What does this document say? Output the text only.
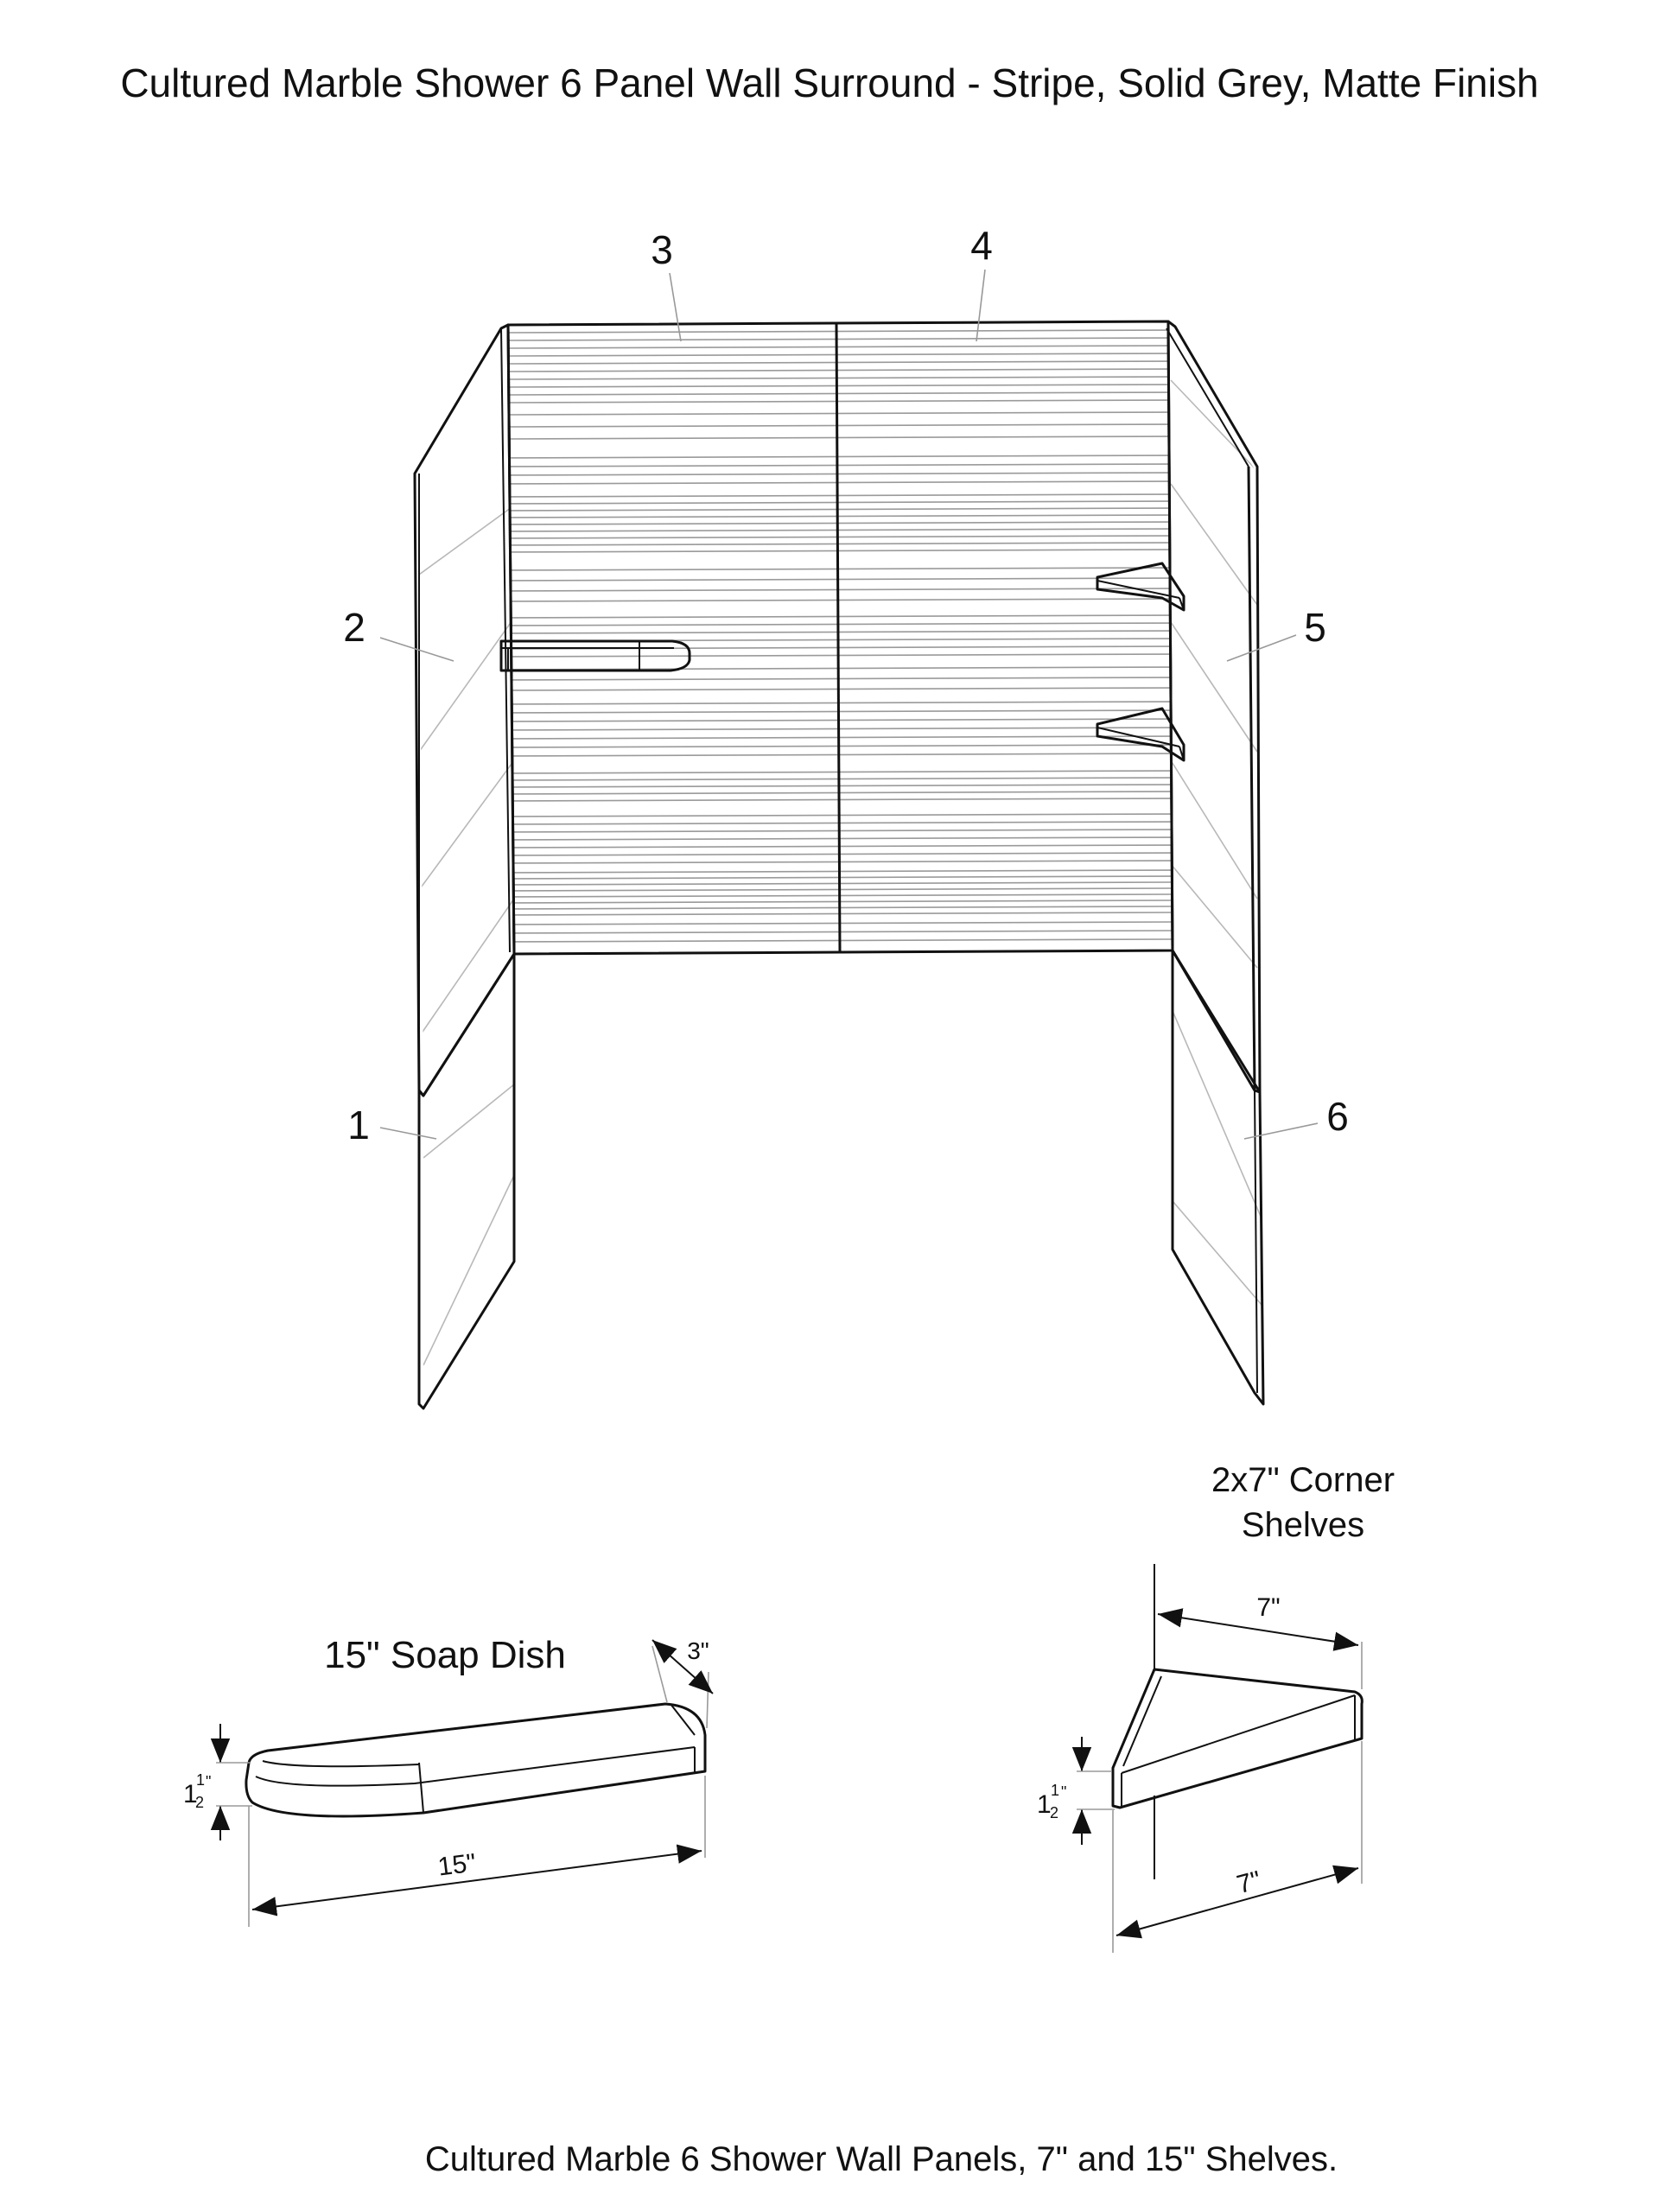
Cultured Marble Shower 6 Panel Wall Surround - Stripe, Solid Grey, Matte Finish
1
2
3	4
5
6
15" Soap Dish
15"
3"
1
1 "
2
2x7" Corner
Shelves
7"
7"
1 1 "
2
Cultured Marble 6 Shower Wall Panels, 7" and 15" Shelves.
